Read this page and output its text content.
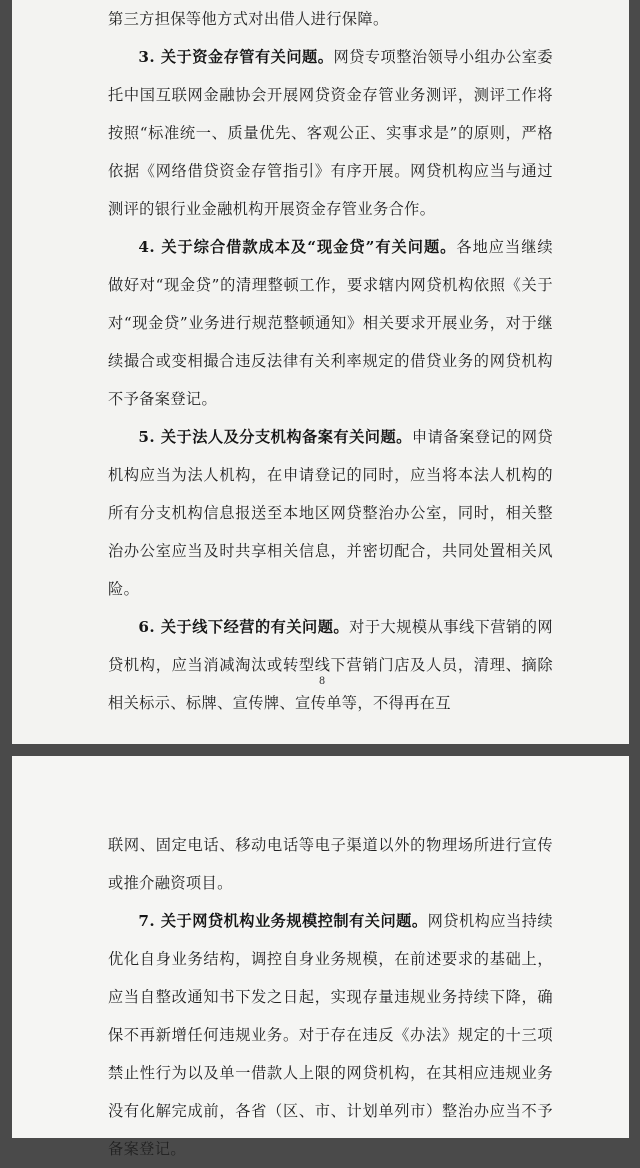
第三方担保等他方式对出借人进行保障。

3. 关于资金存管有关问题。网贷专项整治领导小组办公室委托中国互联网金融协会开展网贷资金存管业务测评，测评工作将按照“标准统一、质量优先、客观公正、实事求是”的原则，严格依据《网络借贷资金存管指引》有序开展。网贷机构应当与通过测评的银行业金融机构开展资金存管业务合作。

4. 关于综合借款成本及“现金贷”有关问题。各地应当继续做好对“现金贷”的清理整顿工作，要求辖内网贷机构依照《关于对“现金贷”业务进行规范整顿通知》相关要求开展业务，对于继续撮合或变相撮合违反法律有关利率规定的借贷业务的网贷机构不予备案登记。

5. 关于法人及分支机构备案有关问题。申请备案登记的网贷机构应当为法人机构，在申请登记的同时，应当将本法人机构的所有分支机构信息报送至本地区网贷整治办公室，同时，相关整治办公室应当及时共享相关信息，并密切配合，共同处置相关风险。

6. 关于线下经营的有关问题。对于大规模从事线下营销的网贷机构，应当消减淘汰或转型线下营销门店及人员，清理、摘除相关标示、标牌、宣传牌、宣传单等，不得再在互

8

联网、固定电话、移动电话等电子渠道以外的物理场所进行宣传或推介融资项目。

7. 关于网贷机构业务规模控制有关问题。网贷机构应当持续优化自身业务结构，调控自身业务规模，在前述要求的基础上，应当自整改通知书下发之日起，实现存量违规业务持续下降，确保不再新增任何违规业务。对于存在违反《办法》规定的十三项禁止性行为以及单一借款人上限的网贷机构，在其相应违规业务没有化解完成前，各省（区、市、计划单列市）整治办应当不予备案登记。
